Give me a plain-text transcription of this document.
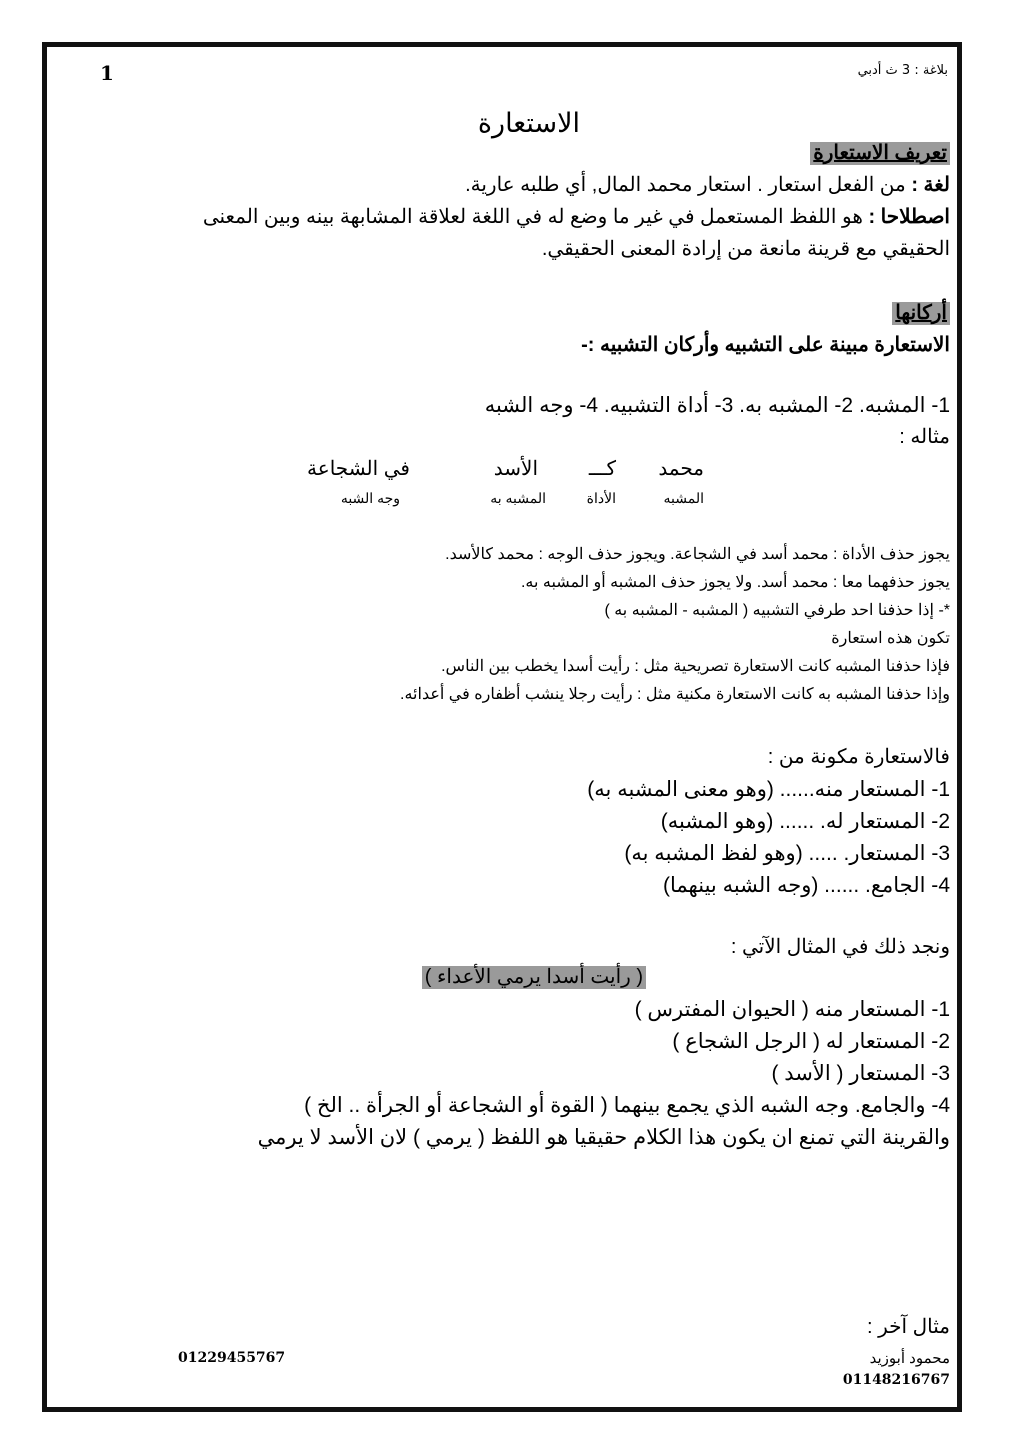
1	بلاغة : 3 ث أدبي
الاستعارة
تعريف الاستعارة
لغة : من الفعل استعار . استعار محمد المال, أي طلبه عارية.
اصطلاحا : هو اللفظ المستعمل في غير ما وضع له في اللغة لعلاقة المشابهة بينه وبين المعنى
الحقيقي مع قرينة مانعة من إرادة المعنى الحقيقي.
أركانها
الاستعارة مبينة على التشبيه وأركان التشبيه :-
1- المشبه. 2- المشبه به. 3- أداة التشبيه. 4- وجه الشبه
مثاله :
محمد
كـــ
الأسد
في الشجاعة
المشبه
الأداة
المشبه به
وجه الشبه
يجوز حذف الأداة : محمد أسد في الشجاعة. ويجوز حذف الوجه : محمد كالأسد.
يجوز حذفهما معا : محمد أسد. ولا يجوز حذف المشبه أو المشبه به.
*- إذا حذفنا احد طرفي التشبيه ( المشبه - المشبه به )
تكون هذه استعارة
فإذا حذفنا المشبه كانت الاستعارة تصريحية مثل : رأيت أسدا يخطب بين الناس.
وإذا حذفنا المشبه به كانت الاستعارة مكنية مثل : رأيت رجلا ينشب أظفاره في أعدائه.
فالاستعارة مكونة من :
1- المستعار منه...... (وهو معنى المشبه به)
2- المستعار له. ...... (وهو المشبه)
3- المستعار. ..... (وهو لفظ المشبه به)
4- الجامع. ...... (وجه الشبه بينهما)
ونجد ذلك في المثال الآتي :
( رأيت أسدا يرمي الأعداء )
1- المستعار منه ( الحيوان المفترس )
2- المستعار له ( الرجل الشجاع )
3- المستعار ( الأسد )
4- والجامع. وجه الشبه الذي يجمع بينهما ( القوة أو الشجاعة أو الجرأة .. الخ )
والقرينة التي تمنع ان يكون هذا الكلام حقيقيا هو اللفظ ( يرمي ) لان الأسد لا يرمي
مثال آخر :
محمود أبوزيد
01148216767
01229455767
